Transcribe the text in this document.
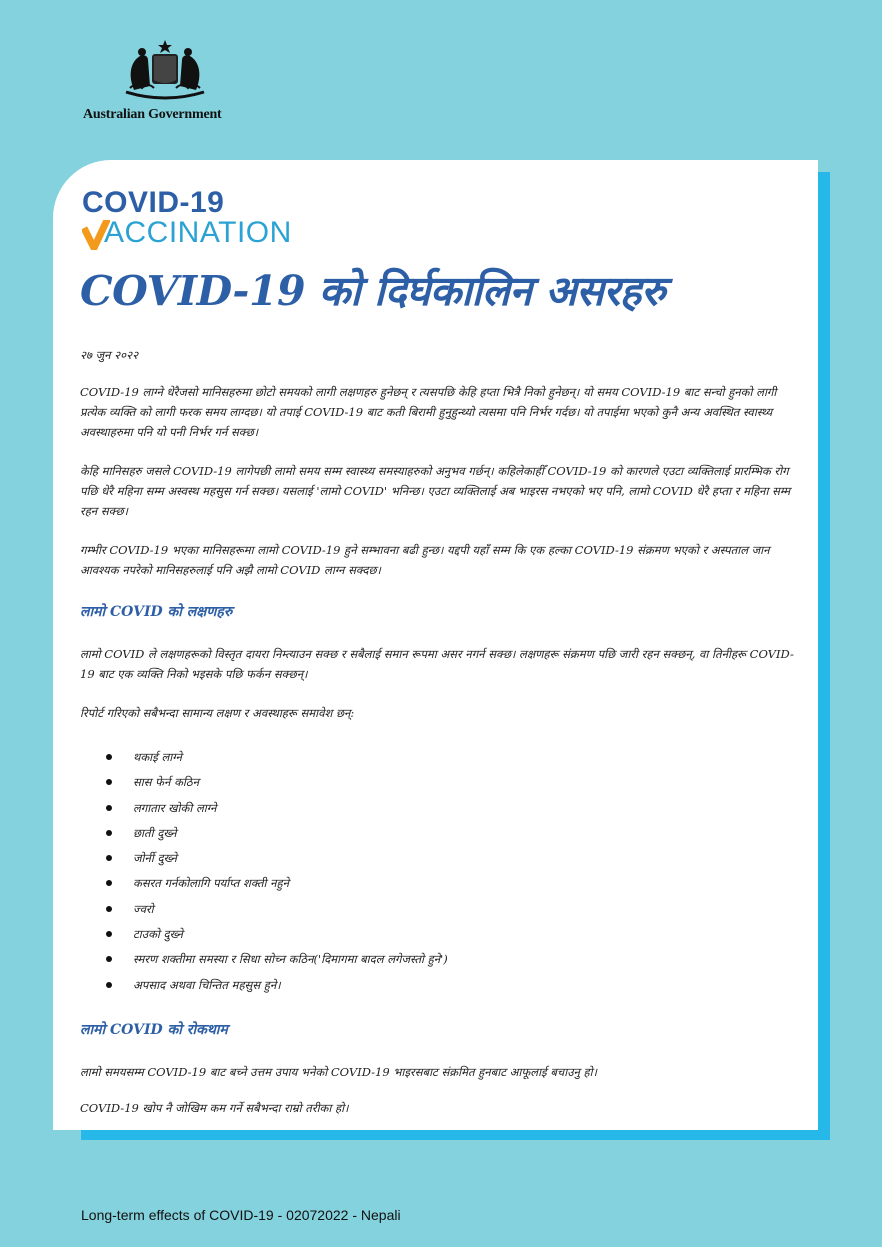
Australian Government
COVID-19
ACCINATION
COVID-19 को दिर्घकालिन असरहरु

२७ जुन २०२२

COVID-19 लाग्ने धेरैजसो मानिसहरुमा छोटो समयको लागी लक्षणहरु हुनेछन् र त्यसपछि केहि हप्ता भित्रै निको हुनेछन्। यो समय COVID-19 बाट सन्चो हुनको लागी प्रत्येक व्यक्ति को लागी फरक समय लाग्दछ। यो तपाई COVID-19 बाट कती बिरामी हुनुहुन्थ्यो त्यसमा पनि निर्भर गर्दछ। यो तपाईमा भएको कुनै अन्य अवस्थित स्वास्थ्य अवस्थाहरुमा पनि यो पनी निर्भर गर्न सक्छ।

केहि मानिसहरु जसले COVID-19 लागेपछी लामो समय सम्म स्वास्थ्य समस्याहरुको अनुभव गर्छन्। कहिलेकाहीँ COVID-19 को कारणले एउटा व्यक्तिलाई प्रारम्भिक रोग पछि धेरै महिना सम्म अस्वस्थ महसुस गर्न सक्छ। यसलाई 'लामो COVID' भनिन्छ। एउटा व्यक्तिलाई अब भाइरस नभएको भए पनि, लामो COVID धेरै हप्ता र महिना सम्म रहन सक्छ।

गम्भीर COVID-19 भएका मानिसहरूमा लामो COVID-19 हुने सम्भावना बढी हुन्छ। यद्दपी यहाँ सम्म कि एक हल्का COVID-19 संक्रमण भएको र अस्पताल जान आवश्यक नपरेको मानिसहरुलाई पनि अझै लामो COVID लाग्न सक्दछ।

लामो COVID को लक्षणहरु

लामो COVID ले लक्षणहरूको विस्तृत दायरा निम्त्याउन सक्छ र सबैलाई समान रूपमा असर नगर्न सक्छ। लक्षणहरू संक्रमण पछि जारी रहन सक्छन्, वा तिनीहरू COVID-19 बाट एक व्यक्ति निको भइसके पछि फर्कन सक्छन्।

रिपोर्ट गरिएको सबैभन्दा सामान्य लक्षण र अवस्थाहरू समावेश छन्:

थकाई लाग्ने
सास फेर्न कठिन
लगातार खोकी लाग्ने
छाती दुख्ने
जोर्नी दुख्ने
कसरत गर्नकोलागि पर्याप्त शक्ती नहुने
ज्वरो
टाउको दुख्ने
स्मरण शक्तीमा समस्या र सिधा सोच्न कठिन('दिमागमा बादल लगेजस्तो हुने')
अपसाद अथवा चिन्तित महसुस हुने।
लामो COVID को रोकथाम

लामो समयसम्म COVID-19 बाट बच्ने उत्तम उपाय भनेको COVID-19 भाइरसबाट संक्रमित हुनबाट आफूलाई बचाउनु हो।

COVID-19 खोप नै जोखिम कम गर्ने सबैभन्दा राम्रो तरीका हो।

Long-term effects of COVID-19 - 02072022 - Nepali
